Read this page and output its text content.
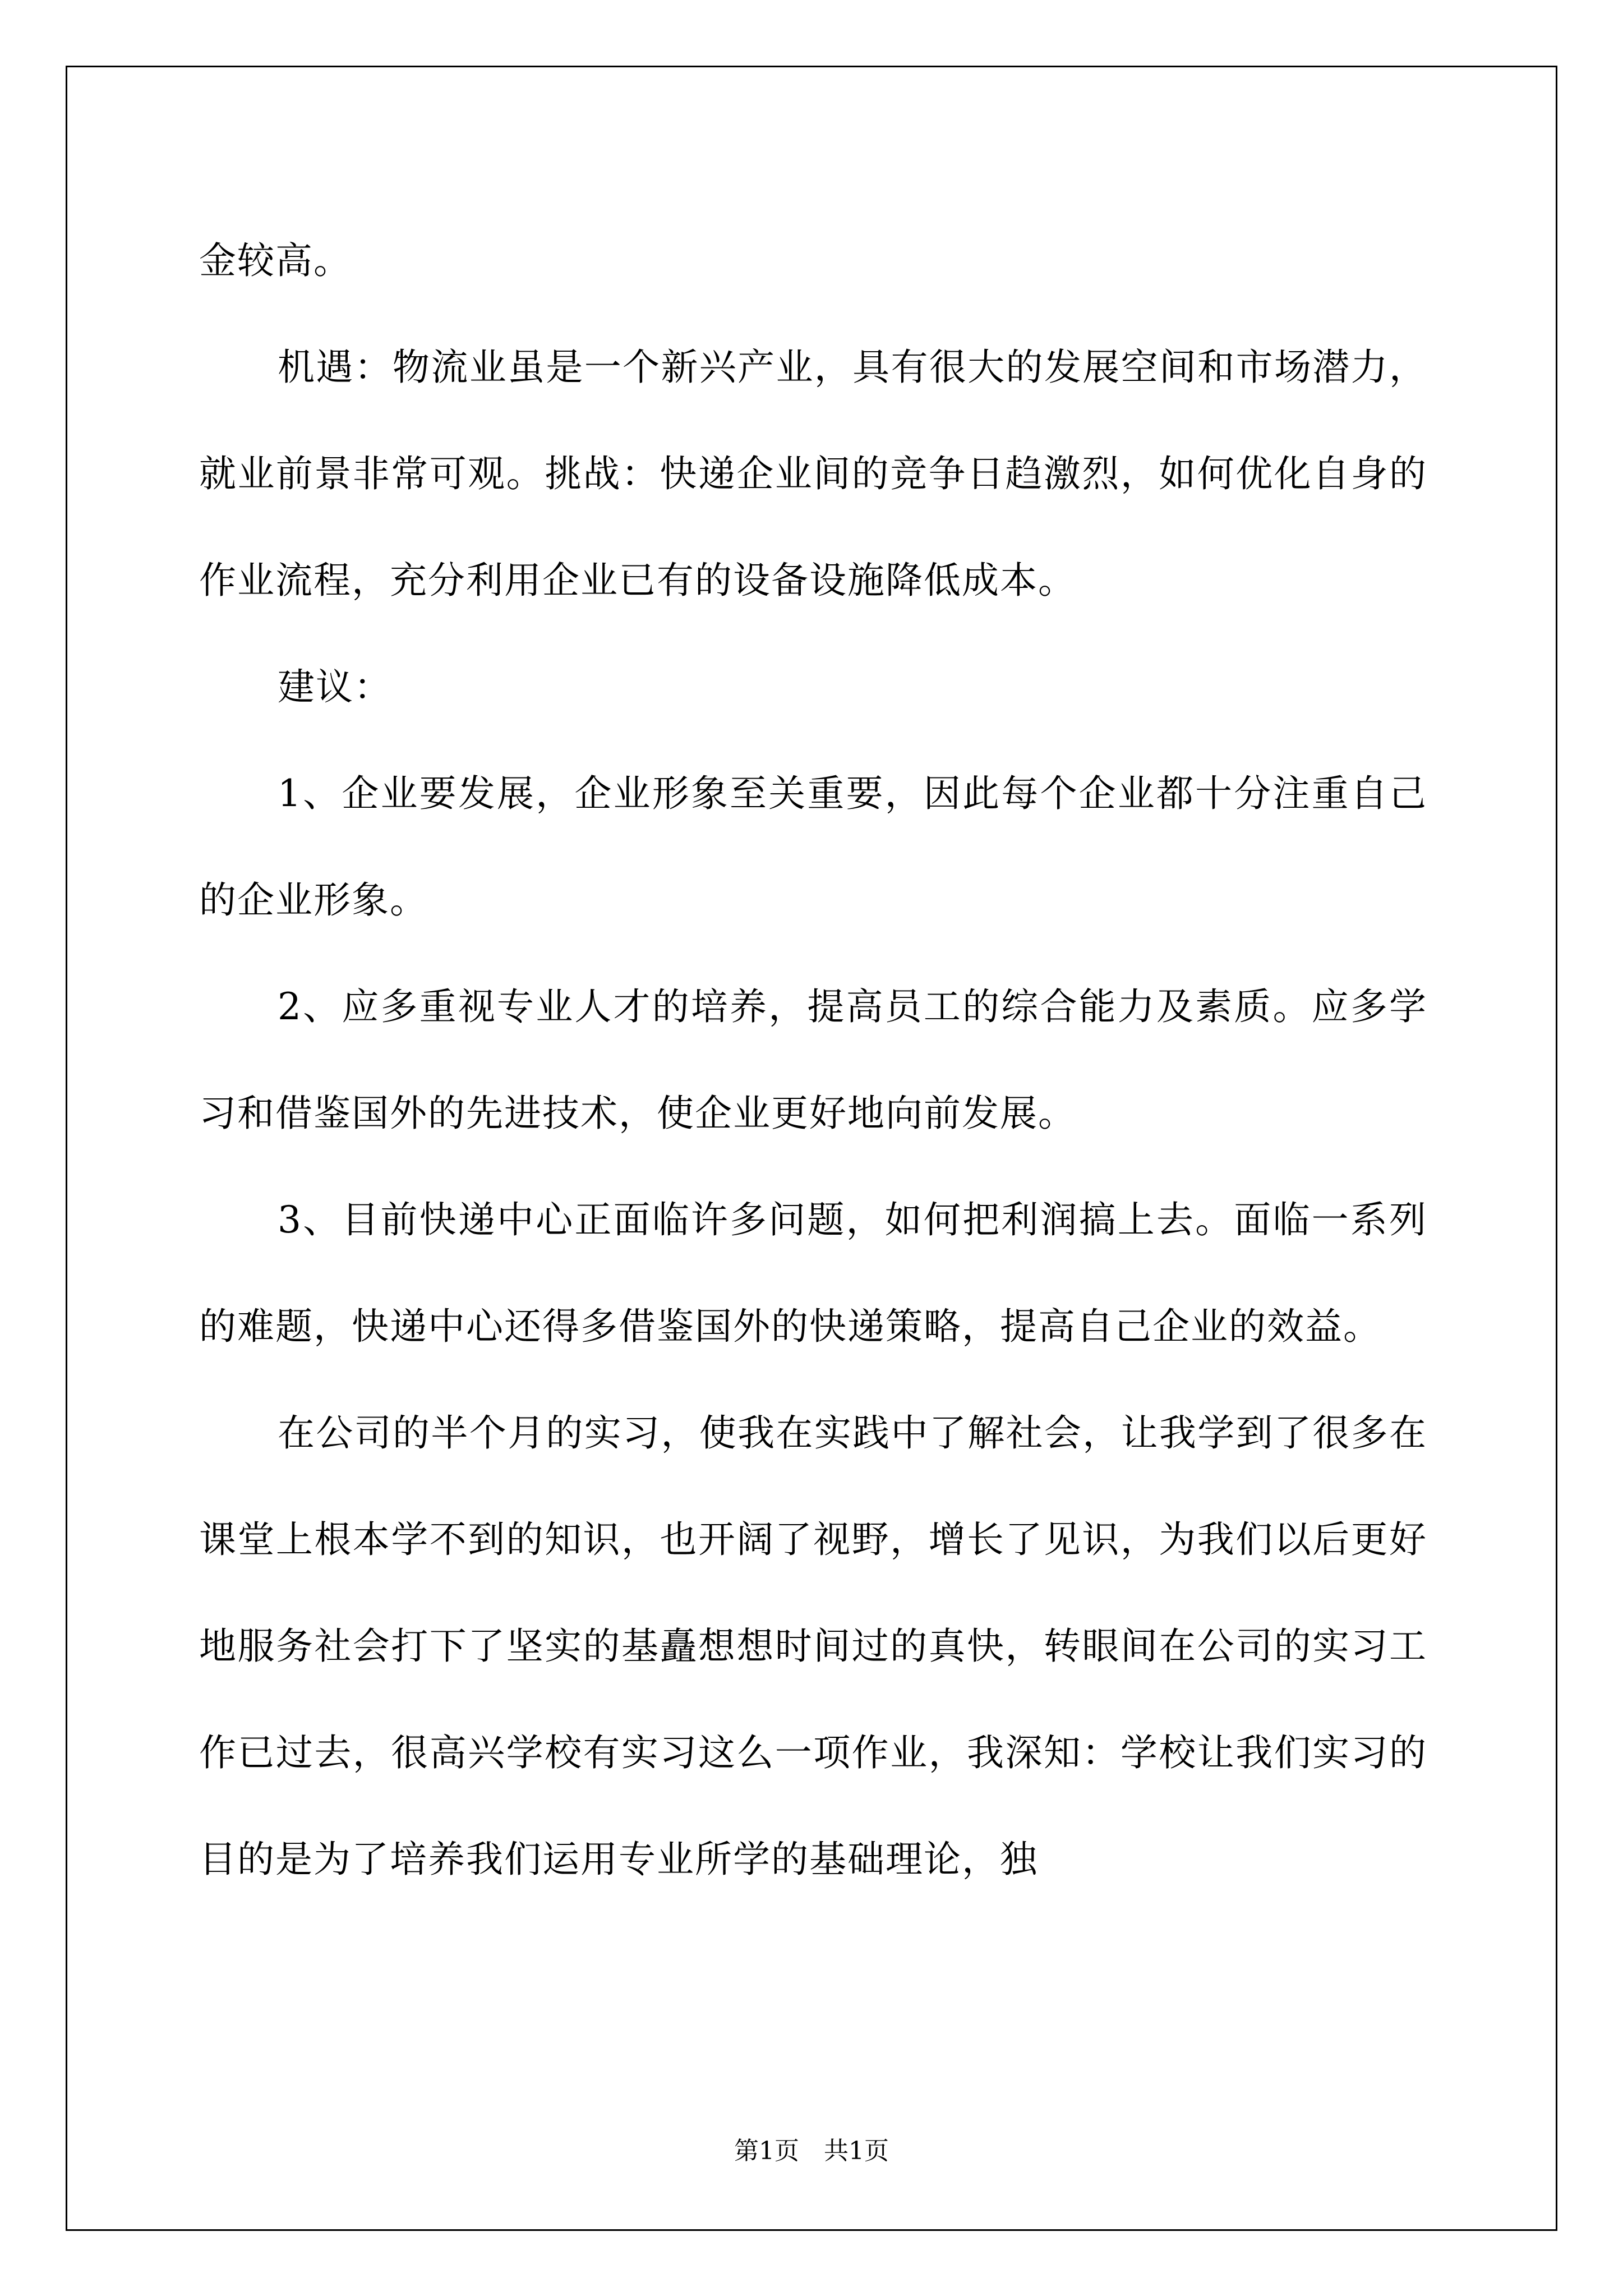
金较高。

机遇：物流业虽是一个新兴产业，具有很大的发展空间和市场潜力，就业前景非常可观。挑战：快递企业间的竞争日趋激烈，如何优化自身的作业流程，充分利用企业已有的设备设施降低成本。

建议：

1、企业要发展，企业形象至关重要，因此每个企业都十分注重自己的企业形象。

2、应多重视专业人才的培养，提高员工的综合能力及素质。应多学习和借鉴国外的先进技术，使企业更好地向前发展。

3、目前快递中心正面临许多问题，如何把利润搞上去。面临一系列的难题，快递中心还得多借鉴国外的快递策略，提高自己企业的效益。

在公司的半个月的实习，使我在实践中了解社会，让我学到了很多在课堂上根本学不到的知识，也开阔了视野，增长了见识，为我们以后更好地服务社会打下了坚实的基矗想想时间过的真快，转眼间在公司的实习工作已过去，很高兴学校有实习这么一项作业，我深知：学校让我们实习的目的是为了培养我们运用专业所学的基础理论，独

第1页　共1页
